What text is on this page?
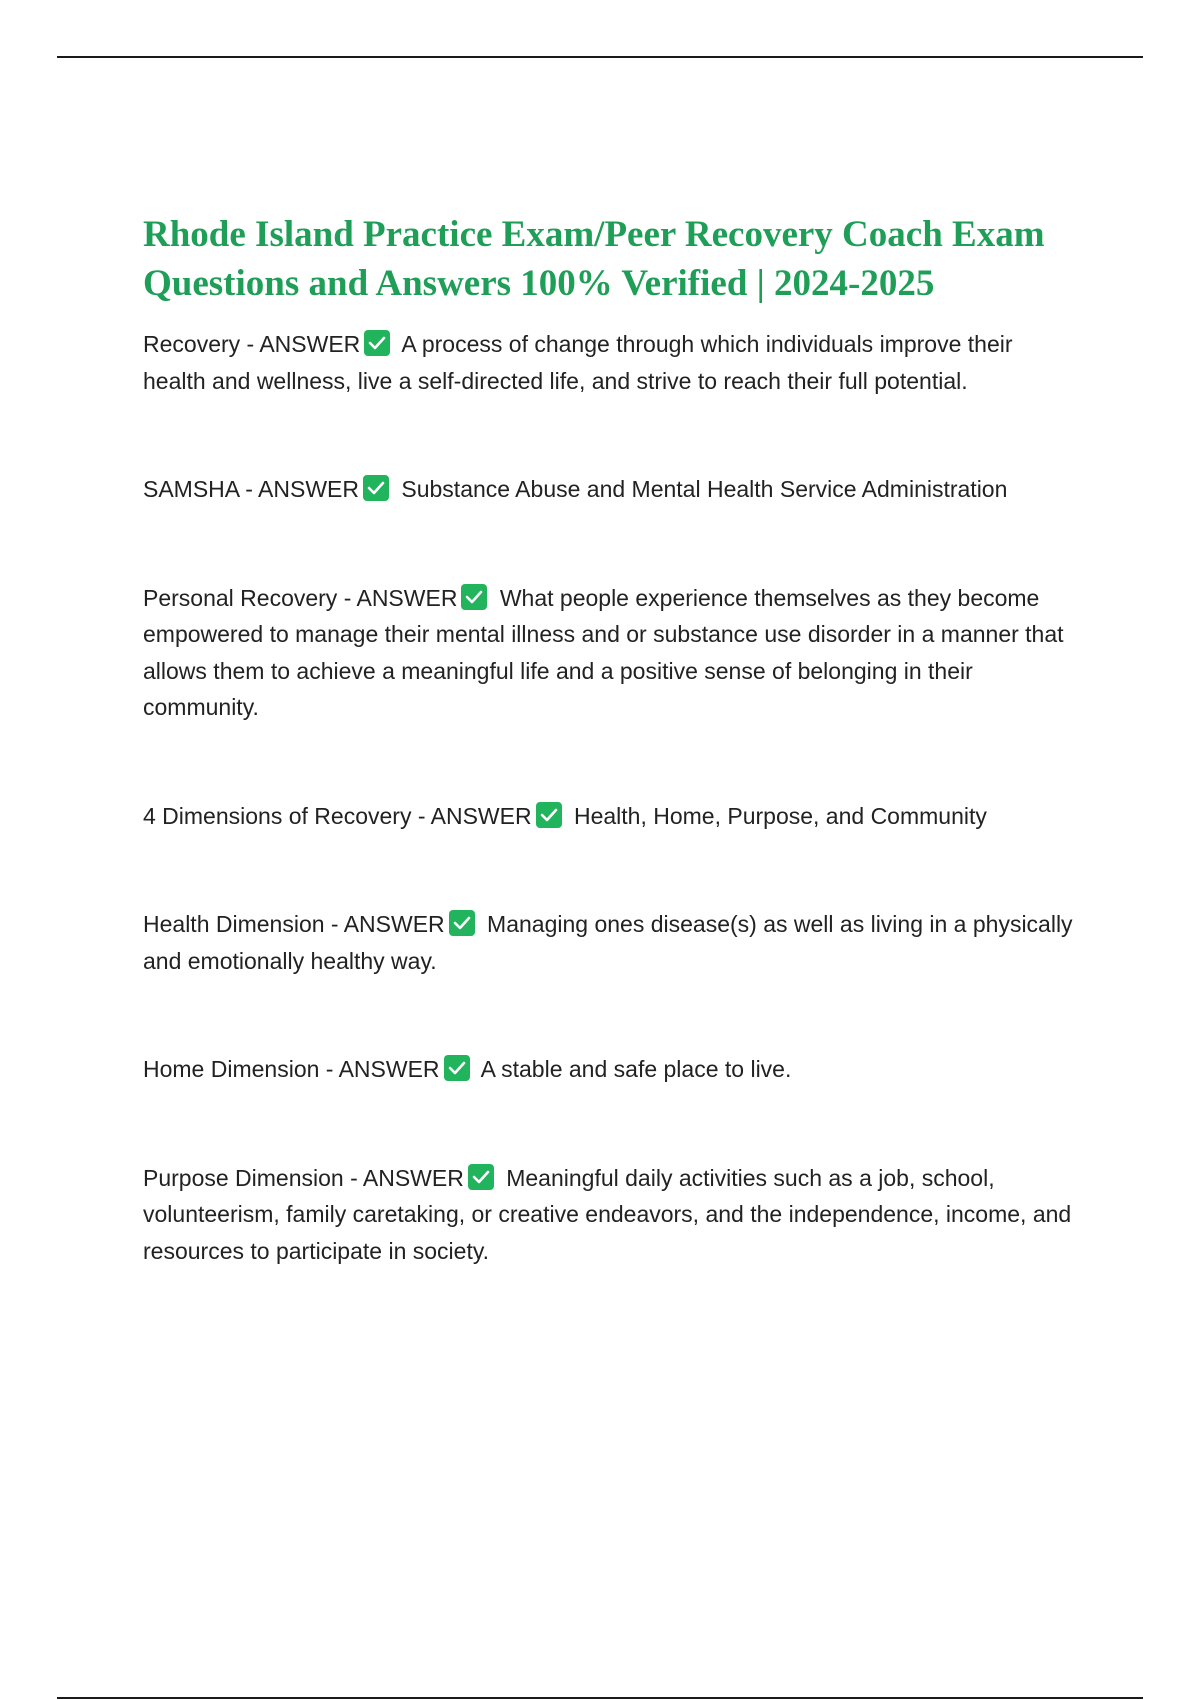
Rhode Island Practice Exam/Peer Recovery Coach Exam Questions and Answers 100% Verified | 2024-2025

Recovery - ANSWER A process of change through which individuals improve their health and wellness, live a self-directed life, and strive to reach their full potential.

SAMSHA - ANSWER Substance Abuse and Mental Health Service Administration

Personal Recovery - ANSWER What people experience themselves as they become empowered to manage their mental illness and or substance use disorder in a manner that allows them to achieve a meaningful life and a positive sense of belonging in their community.

4 Dimensions of Recovery - ANSWER Health, Home, Purpose, and Community

Health Dimension - ANSWER Managing ones disease(s) as well as living in a physically and emotionally healthy way.

Home Dimension - ANSWER A stable and safe place to live.

Purpose Dimension - ANSWER Meaningful daily activities such as a job, school, volunteerism, family caretaking, or creative endeavors, and the independence, income, and resources to participate in society.
